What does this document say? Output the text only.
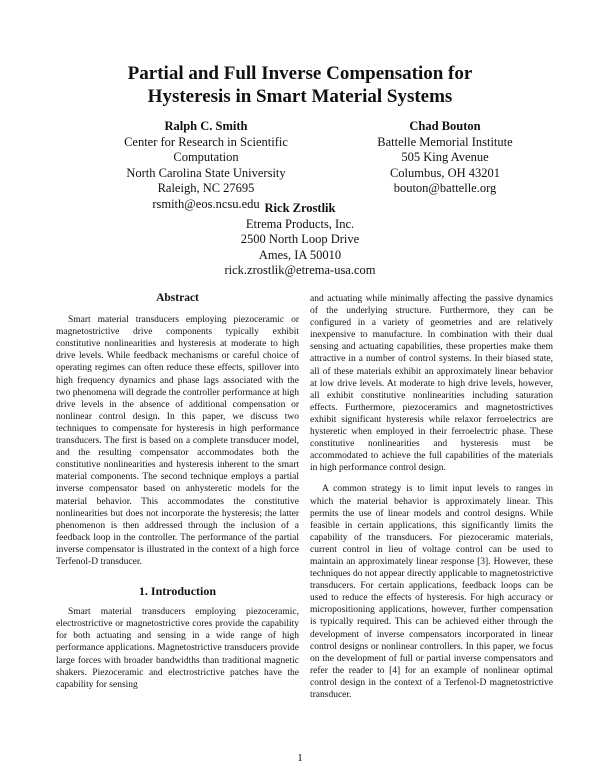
Partial and Full Inverse Compensation for
Hysteresis in Smart Material Systems
Ralph C. Smith
Center for Research in Scientific Computation
North Carolina State University
Raleigh, NC 27695
rsmith@eos.ncsu.edu
Chad Bouton
Battelle Memorial Institute
505 King Avenue
Columbus, OH 43201
bouton@battelle.org
Rick Zrostlik
Etrema Products, Inc.
2500 North Loop Drive
Ames, IA 50010
rick.zrostlik@etrema-usa.com
Abstract

Smart material transducers employing piezoceramic or magnetostrictive drive components typically exhibit constitutive nonlinearities and hysteresis at moderate to high drive levels. While feedback mechanisms or careful choice of operating regimes can often reduce these effects, spillover into high frequency dynamics and phase lags associated with the two phenomena will degrade the controller performance at high drive levels in the absence of additional compensation or nonlinear control design. In this paper, we discuss two techniques to compensate for hysteresis in high performance transducers. The first is based on a complete transducer model, and the resulting compensator accommodates both the constitutive nonlinearities and hysteresis inherent to the smart material components. The second technique employs a partial inverse compensator based on anhysteretic models for the material behavior. This accommodates the constitutive nonlinearities but does not incorporate the hysteresis; the latter phenomenon is then addressed through the inclusion of a feedback loop in the controller. The performance of the partial inverse compensator is illustrated in the context of a high force Terfenol-D transducer.

1. Introduction

Smart material transducers employing piezoceramic, electrostrictive or magnetostrictive cores provide the capability for both actuating and sensing in a wide range of high performance applications. Magnetostrictive transducers provide large forces with broader bandwidths than traditional magnetic shakers. Piezoceramic and electrostrictive patches have the capability for sensing

and actuating while minimally affecting the passive dynamics of the underlying structure. Furthermore, they can be configured in a variety of geometries and are relatively inexpensive to manufacture. In combination with their dual sensing and actuating capabilities, these properties make them attractive in a number of control systems. In their biased state, all of these materials exhibit an approximately linear behavior at low drive levels. At moderate to high drive levels, however, all exhibit constitutive nonlinearities including saturation effects. Furthermore, piezoceramics and magnetostrictives exhibit significant hysteresis while relaxor ferroelectrics are hysteretic when employed in their ferroelectric phase. These constitutive nonlinearities and hysteresis must be accommodated to achieve the full capabilities of the materials in high performance control design.

A common strategy is to limit input levels to ranges in which the material behavior is approximately linear. This permits the use of linear models and control designs. While feasible in certain applications, this significantly limits the capability of the transducers. For piezoceramic materials, current control in lieu of voltage control can be used to maintain an approximately linear response [3]. However, these techniques do not appear directly applicable to magnetostrictive transducers. For certain applications, feedback loops can be used to reduce the effects of hysteresis. For high accuracy or micropositioning applications, however, further compensation is typically required. This can be achieved either through the development of inverse compensators incorporated in linear control designs or nonlinear controllers. In this paper, we focus on the development of full or partial inverse compensators and refer the reader to [4] for an example of nonlinear optimal control design in the context of a Terfenol-D magnetostrictive transducer.

1
